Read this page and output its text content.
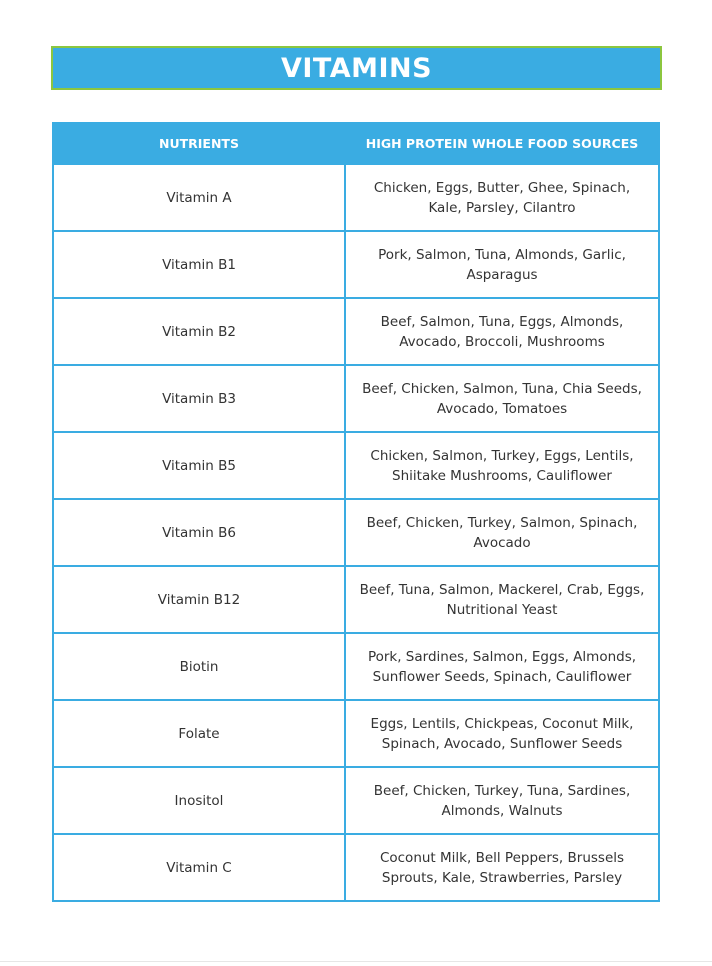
VITAMINS
NUTRIENTS	HIGH PROTEIN WHOLE FOOD SOURCES
Vitamin A	Chicken, Eggs, Butter, Ghee, Spinach, Kale, Parsley, Cilantro
Vitamin B1	Pork, Salmon, Tuna, Almonds, Garlic, Asparagus
Vitamin B2	Beef, Salmon, Tuna, Eggs, Almonds, Avocado, Broccoli, Mushrooms
Vitamin B3	Beef, Chicken, Salmon, Tuna, Chia Seeds, Avocado, Tomatoes
Vitamin B5	Chicken, Salmon, Turkey, Eggs, Lentils, Shiitake Mushrooms, Cauliflower
Vitamin B6	Beef, Chicken, Turkey, Salmon, Spinach, Avocado
Vitamin B12	Beef, Tuna, Salmon, Mackerel, Crab, Eggs, Nutritional Yeast
Biotin	Pork, Sardines, Salmon, Eggs, Almonds, Sunflower Seeds, Spinach, Cauliflower
Folate	Eggs, Lentils, Chickpeas, Coconut Milk, Spinach, Avocado, Sunflower Seeds
Inositol	Beef, Chicken, Turkey, Tuna, Sardines, Almonds, Walnuts
Vitamin C	Coconut Milk, Bell Peppers, Brussels Sprouts, Kale, Strawberries, Parsley
